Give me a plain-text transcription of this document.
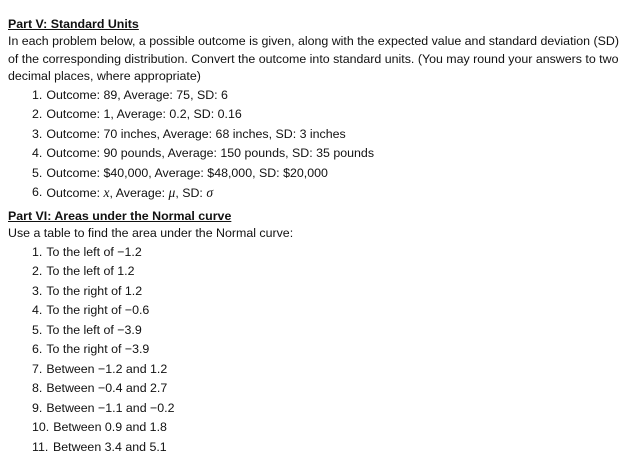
Part V: Standard Units
In each problem below, a possible outcome is given, along with the expected value and standard deviation (SD) of the corresponding distribution. Convert the outcome into standard units. (You may round your answers to two decimal places, where appropriate)
1. Outcome: 89, Average: 75, SD: 6
2. Outcome: 1, Average: 0.2, SD: 0.16
3. Outcome: 70 inches, Average: 68 inches, SD: 3 inches
4. Outcome: 90 pounds, Average: 150 pounds, SD: 35 pounds
5. Outcome: $40,000, Average: $48,000, SD: $20,000
6. Outcome: x, Average: μ, SD: σ
Part VI: Areas under the Normal curve
Use a table to find the area under the Normal curve:
1. To the left of −1.2
2. To the left of 1.2
3. To the right of 1.2
4. To the right of −0.6
5. To the left of −3.9
6. To the right of −3.9
7. Between −1.2 and 1.2
8. Between −0.4 and 2.7
9. Between −1.1 and −0.2
10. Between 0.9 and 1.8
11. Between 3.4 and 5.1
